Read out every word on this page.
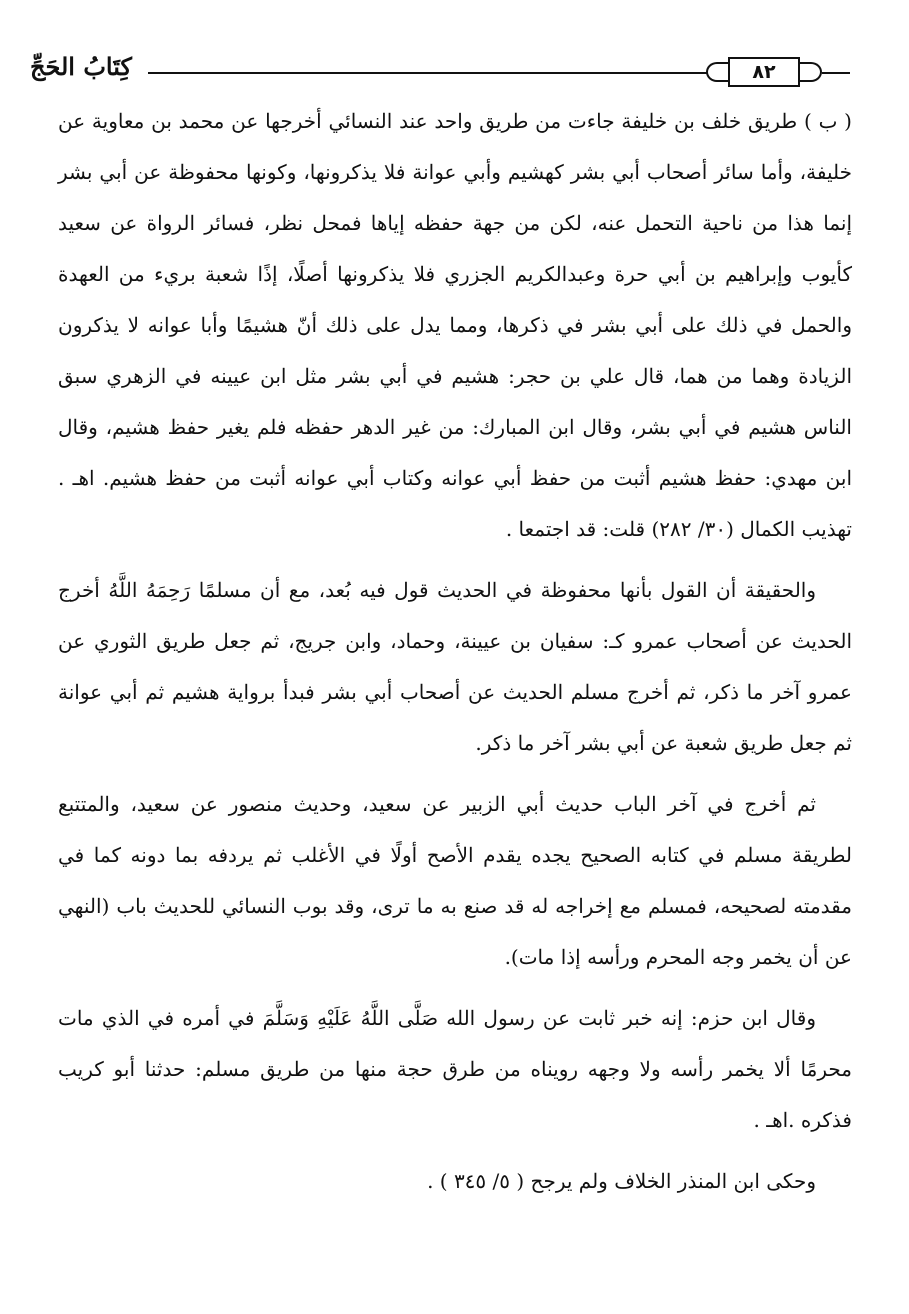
كِتَابُ الحَجِّ	٨٢

( ب ) طريق خلف بن خليفة جاءت من طريق واحد عند النسائي أخرجها عن محمد بن معاوية عن خليفة، وأما سائر أصحاب أبي بشر كهشيم وأبي عوانة فلا يذكرونها، وكونها محفوظة عن أبي بشر إنما هذا من ناحية التحمل عنه، لكن من جهة حفظه إياها فمحل نظر، فسائر الرواة عن سعيد كأيوب وإبراهيم بن أبي حرة وعبدالكريم الجزري فلا يذكرونها أصلًا، إذًا شعبة بريء من العهدة والحمل في ذلك على أبي بشر في ذكرها، ومما يدل على ذلك أنّ هشيمًا وأبا عوانه لا يذكرون الزيادة وهما من هما، قال علي بن حجر: هشيم في أبي بشر مثل ابن عيينه في الزهري سبق الناس هشيم في أبي بشر، وقال ابن المبارك: من غير الدهر حفظه فلم يغير حفظ هشيم، وقال ابن مهدي: حفظ هشيم أثبت من حفظ أبي عوانه وكتاب أبي عوانه أثبت من حفظ هشيم. اهـ . تهذيب الكمال (٣٠/ ٢٨٢) قلت: قد اجتمعا .

والحقيقة أن القول بأنها محفوظة في الحديث قول فيه بُعد، مع أن مسلمًا رَحِمَهُ اللَّهُ أخرج الحديث عن أصحاب عمرو كـ: سفيان بن عيينة، وحماد، وابن جريج، ثم جعل طريق الثوري عن عمرو آخر ما ذكر، ثم أخرج مسلم الحديث عن أصحاب أبي بشر فبدأ برواية هشيم ثم أبي عوانة ثم جعل طريق شعبة عن أبي بشر آخر ما ذكر.

ثم أخرج في آخر الباب حديث أبي الزبير عن سعيد، وحديث منصور عن سعيد، والمتتبع لطريقة مسلم في كتابه الصحيح يجده يقدم الأصح أولًا في الأغلب ثم يردفه بما دونه كما في مقدمته لصحيحه، فمسلم مع إخراجه له قد صنع به ما ترى، وقد بوب النسائي للحديث باب (النهي عن أن يخمر وجه المحرم ورأسه إذا مات).

وقال ابن حزم: إنه خبر ثابت عن رسول الله صَلَّى اللَّهُ عَلَيْهِ وَسَلَّمَ في أمره في الذي مات محرمًا ألا يخمر رأسه ولا وجهه رويناه من طرق حجة منها من طريق مسلم: حدثنا أبو كريب فذكره .اهـ .

وحكى ابن المنذر الخلاف ولم يرجح ( ٥/ ٣٤٥ ) .
